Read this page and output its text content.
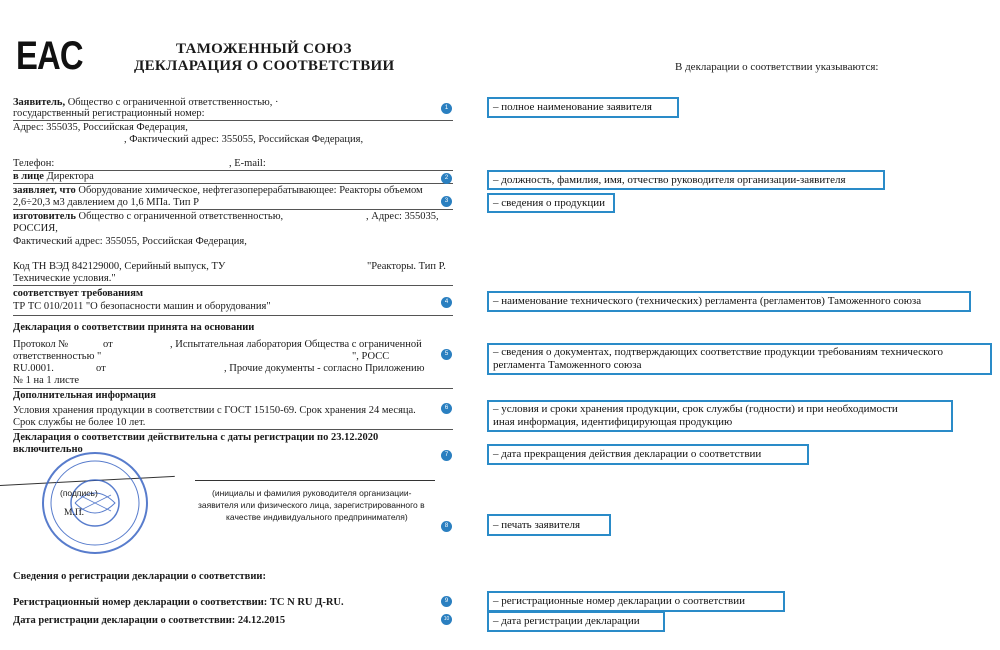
EAC	ТАМОЖЕННЫЙ СОЮЗ
ДЕКЛАРАЦИЯ О СООТВЕТСТВИИ	В декларации о соответствии указываются:
Заявитель, Общество с ограниченной ответственностью, ·
государственный регистрационный номер:
Адрес: 355035, Российская Федерация,
, Фактический адрес: 355055, Российская Федерация,
Телефон:	, E-mail:
в лице Директора
заявляет, что Оборудование химическое, нефтегазоперерабатывающее: Реакторы объемом
2,6÷20,3 м3 давлением до 1,6 МПа. Тип Р
изготовитель Общество с ограниченной ответственностью,	, Адрес: 355035,
РОССИЯ,
Фактический адрес: 355055, Российская Федерация,
Код ТН ВЭД 842129000, Серийный выпуск, ТУ	"Реакторы. Тип Р.
Технические условия."
соответствует требованиям
ТР ТС 010/2011 "О безопасности машин и оборудования"
Декларация о соответствии принята на основании
Протокол №	от	, Испытательная лаборатория Общества с ограниченной
ответственностью "	", РОСС
RU.0001.	от	, Прочие документы - согласно Приложению
№ 1 на 1 листе
Дополнительная информация
Условия хранения продукции в соответствии с ГОСТ 15150-69. Срок хранения 24 месяца.
Срок службы не более 10 лет.
Декларация о соответствии действительна с даты регистрации по 23.12.2020
включительно
(подпись)
М.П.
(инициалы и фамилия руководителя организации-
заявителя или физического лица, зарегистрированного в
качестве индивидуального предпринимателя)
Сведения о регистрации декларации о соответствии:
Регистрационный номер декларации о соответствии: ТС N RU Д-RU.
Дата регистрации декларации о соответствии: 24.12.2015
1
2
3
4
5
6
7
8
9
10
– полное наименование заявителя
– должность, фамилия, имя, отчество руководителя организации-заявителя
– сведения о продукции
– наименование технического (технических) регламента (регламентов) Таможенного союза
– сведения о документах, подтверждающих соответствие продукции требованиям технического
регламента Таможенного союза
– условия и сроки хранения продукции, срок службы (годности) и при необходимости
иная информация, идентифицирующая продукцию
– дата прекращения действия декларации о соответствии
– печать заявителя
– регистрационные номер декларации о соответствии
– дата регистрации декларации
